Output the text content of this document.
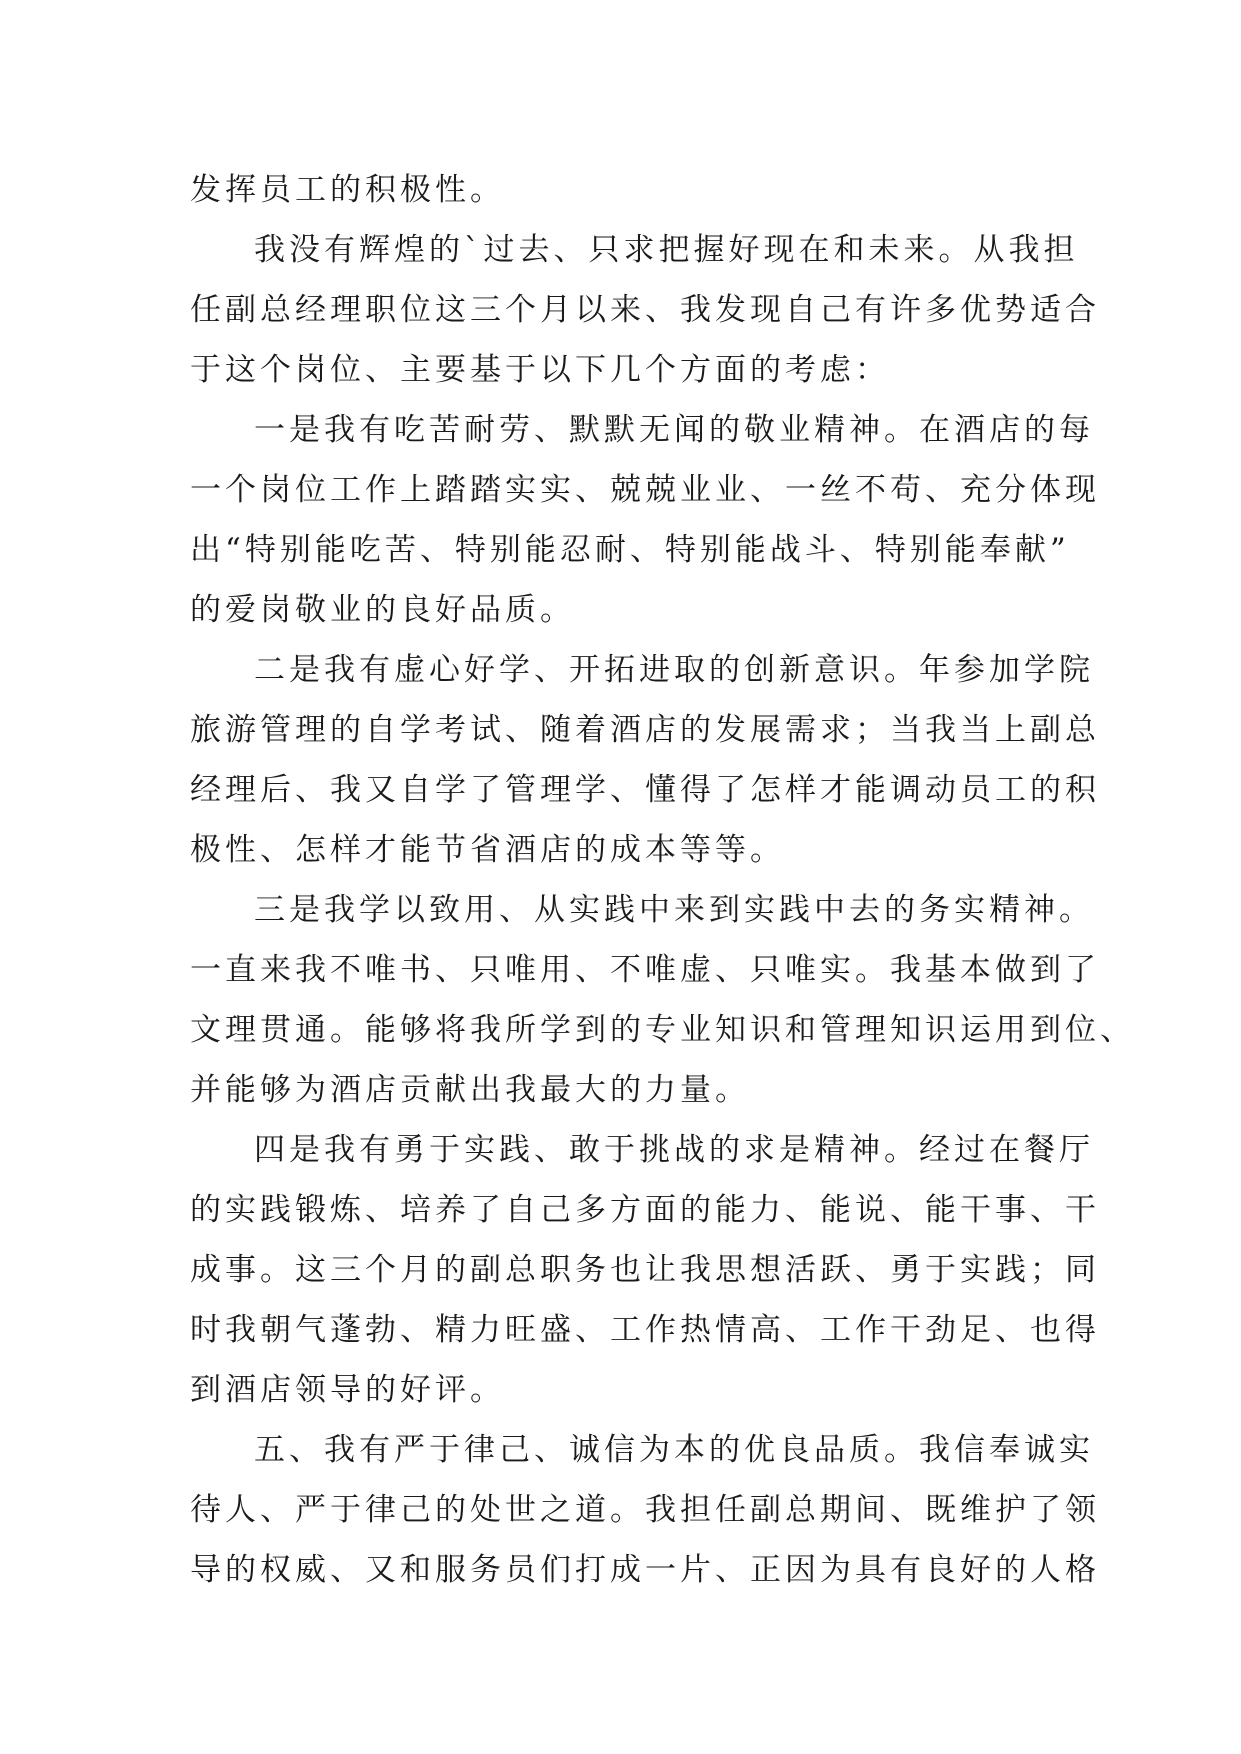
发挥员工的积极性。
我没有辉煌的`过去、只求把握好现在和未来。从我担
任副总经理职位这三个月以来、我发现自己有许多优势适合
于这个岗位、主要基于以下几个方面的考虑：
一是我有吃苦耐劳、默默无闻的敬业精神。在酒店的每
一个岗位工作上踏踏实实、兢兢业业、一丝不苟、充分体现
出“特别能吃苦、特别能忍耐、特别能战斗、特别能奉献”
的爱岗敬业的良好品质。
二是我有虚心好学、开拓进取的创新意识。年参加学院
旅游管理的自学考试、随着酒店的发展需求；当我当上副总
经理后、我又自学了管理学、懂得了怎样才能调动员工的积
极性、怎样才能节省酒店的成本等等。
三是我学以致用、从实践中来到实践中去的务实精神。
一直来我不唯书、只唯用、不唯虚、只唯实。我基本做到了
文理贯通。能够将我所学到的专业知识和管理知识运用到位、
并能够为酒店贡献出我最大的力量。
四是我有勇于实践、敢于挑战的求是精神。经过在餐厅
的实践锻炼、培养了自己多方面的能力、能说、能干事、干
成事。这三个月的副总职务也让我思想活跃、勇于实践；同
时我朝气蓬勃、精力旺盛、工作热情高、工作干劲足、也得
到酒店领导的好评。
五、我有严于律己、诚信为本的优良品质。我信奉诚实
待人、严于律己的处世之道。我担任副总期间、既维护了领
导的权威、又和服务员们打成一片、正因为具有良好的人格
